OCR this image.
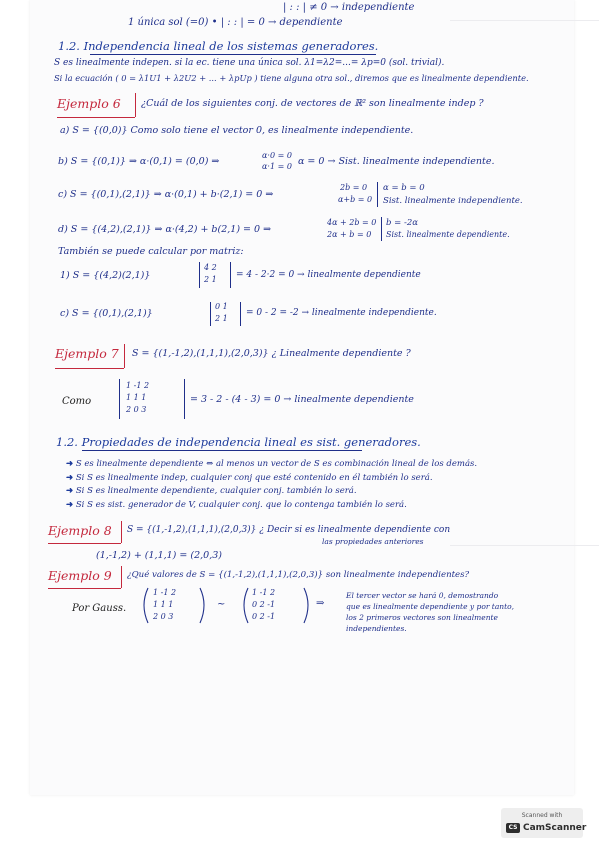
| : : | ≠ 0 → independiente
1 única sol (=0) • | : : | = 0 → dependiente
1.2. Independencia lineal de los sistemas generadores.
S es linealmente indepen. si la ec. tiene una única sol. λ1=λ2=...= λp=0 (sol. trivial).
Si la ecuación ( 0 = λ1U1 + λ2U2 + ... + λpUp ) tiene alguna otra sol., diremos que es linealmente dependiente.
Ejemplo 6 ¿Cuál de los siguientes conj. de vectores de ℝ² son linealmente indep ?
a) S = {(0,0)} Como solo tiene el vector 0, es linealmente independiente.
b) S = {(0,1)} ⇒ α·(0,1) = (0,0) ⇒
α·0 = 0
α·1 = 0 α = 0 → Sist. linealmente independiente.
c) S = {(0,1),(2,1)} ⇒ α·(0,1) + b·(2,1) = 0 ⇒
2b = 0
α+b = 0
α = b = 0
Sist. linealmente independiente.
d) S = {(4,2),(2,1)} ⇒ α·(4,2) + b(2,1) = 0 ⇒
4α + 2b = 0
2α + b = 0
b = -2α
Sist. linealmente dependiente.
También se puede calcular por matriz:
1) S = {(4,2)(2,1)}
4 2
2 1 = 4 - 2·2 = 0 → linealmente dependiente
c) S = {(0,1),(2,1)}
0 1
2 1
= 0 - 2 = -2 → linealmente independiente.
Ejemplo 7 S = {(1,-1,2),(1,1,1),(2,0,3)} ¿ Linealmente dependiente ?
Como
1 -1 2
1 1 1
2 0 3
= 3 - 2 - (4 - 3) = 0 → linealmente dependiente
1.2. Propiedades de independencia lineal es sist. generadores.
➜ S es linealmente dependiente ⇔ al menos un vector de S es combinación lineal de los demás.
➜ Si S es linealmente indep, cualquier conj que esté contenido en él también lo será.
➜ Si S es linealmente dependiente, cualquier conj. también lo será.
➜ Si S es sist. generador de V, cualquier conj. que lo contenga también lo será.
Ejemplo 8 S = {(1,-1,2),(1,1,1),(2,0,3)} ¿ Decir si es linealmente dependiente con
las propiedades anteriores
(1,-1,2) + (1,1,1) = (2,0,3)
Ejemplo 9 ¿Qué valores de S = {(1,-1,2),(1,1,1),(2,0,3)} son linealmente independientes?
Por Gauss.
1 -1 2
1 1 1
2 0 3
~
1 -1 2
0 2 -1
0 2 -1
⇒
El tercer vector se hará 0, demostrando
que es linealmente dependiente y por tanto,
los 2 primeros vectores son linealmente
independientes.
Scanned with
CS CamScanner
